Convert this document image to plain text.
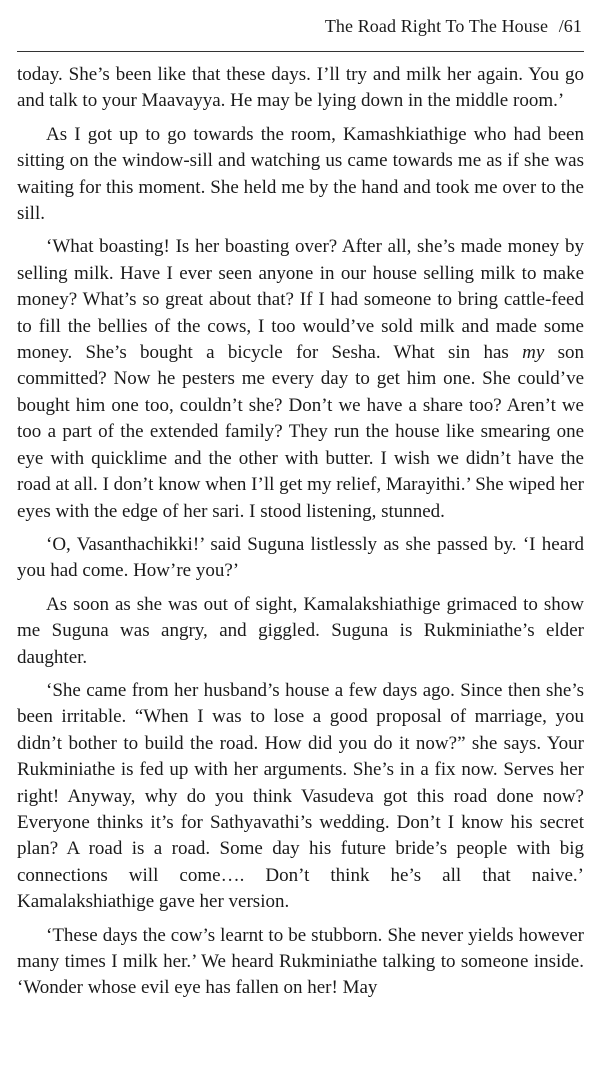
The Road Right To The House /61

today. She’s been like that these days. I’ll try and milk her again. You go and talk to your Maavayya. He may be lying down in the middle room.’

As I got up to go towards the room, Kamashkiathige who had been sitting on the window-sill and watching us came towards me as if she was waiting for this moment. She held me by the hand and took me over to the sill.

‘What boasting! Is her boasting over? After all, she’s made money by selling milk. Have I ever seen anyone in our house selling milk to make money? What’s so great about that? If I had someone to bring cattle-feed to fill the bellies of the cows, I too would’ve sold milk and made some money. She’s bought a bicycle for Sesha. What sin has my son committed? Now he pesters me every day to get him one. She could’ve bought him one too, couldn’t she? Don’t we have a share too? Aren’t we too a part of the extended family? They run the house like smearing one eye with quicklime and the other with butter. I wish we didn’t have the road at all. I don’t know when I’ll get my relief, Marayithi.’ She wiped her eyes with the edge of her sari. I stood listening, stunned.

‘O, Vasanthachikki!’ said Suguna listlessly as she passed by. ‘I heard you had come. How’re you?’

As soon as she was out of sight, Kamalakshiathige grimaced to show me Suguna was angry, and giggled. Suguna is Rukminiathe’s elder daughter.

‘She came from her husband’s house a few days ago. Since then she’s been irritable. “When I was to lose a good proposal of marriage, you didn’t bother to build the road. How did you do it now?” she says. Your Rukminiathe is fed up with her arguments. She’s in a fix now. Serves her right! Anyway, why do you think Vasudeva got this road done now? Everyone thinks it’s for Sathyavathi’s wedding. Don’t I know his secret plan? A road is a road. Some day his future bride’s people with big connections will come…. Don’t think he’s all that naive.’ Kamalakshiathige gave her version.

‘These days the cow’s learnt to be stubborn. She never yields however many times I milk her.’ We heard Rukminiathe talking to someone inside. ‘Wonder whose evil eye has fallen on her! May
